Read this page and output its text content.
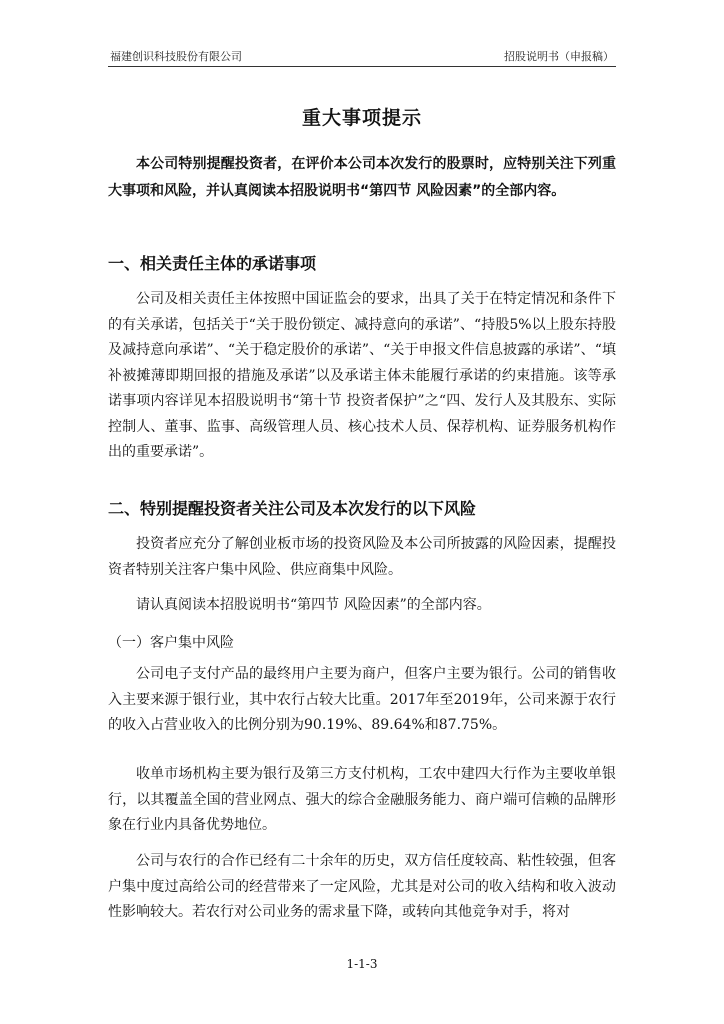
福建创识科技股份有限公司	招股说明书（申报稿）
重大事项提示

本公司特别提醒投资者，在评价本公司本次发行的股票时，应特别关注下列重大事项和风险，并认真阅读本招股说明书“第四节 风险因素”的全部内容。

一、相关责任主体的承诺事项

公司及相关责任主体按照中国证监会的要求，出具了关于在特定情况和条件下的有关承诺，包括关于“关于股份锁定、减持意向的承诺”、“持股5%以上股东持股及减持意向承诺”、“关于稳定股价的承诺”、“关于申报文件信息披露的承诺”、“填补被摊薄即期回报的措施及承诺”以及承诺主体未能履行承诺的约束措施。该等承诺事项内容详见本招股说明书“第十节 投资者保护”之“四、发行人及其股东、实际控制人、董事、监事、高级管理人员、核心技术人员、保荐机构、证券服务机构作出的重要承诺”。

二、特别提醒投资者关注公司及本次发行的以下风险

投资者应充分了解创业板市场的投资风险及本公司所披露的风险因素，提醒投资者特别关注客户集中风险、供应商集中风险。

请认真阅读本招股说明书“第四节 风险因素”的全部内容。

（一）客户集中风险

公司电子支付产品的最终用户主要为商户，但客户主要为银行。公司的销售收入主要来源于银行业，其中农行占较大比重。2017年至2019年，公司来源于农行的收入占营业收入的比例分别为90.19%、89.64%和87.75%。

收单市场机构主要为银行及第三方支付机构，工农中建四大行作为主要收单银行，以其覆盖全国的营业网点、强大的综合金融服务能力、商户端可信赖的品牌形象在行业内具备优势地位。

公司与农行的合作已经有二十余年的历史，双方信任度较高、粘性较强，但客户集中度过高给公司的经营带来了一定风险，尤其是对公司的收入结构和收入波动性影响较大。若农行对公司业务的需求量下降，或转向其他竞争对手，将对

1-1-3
